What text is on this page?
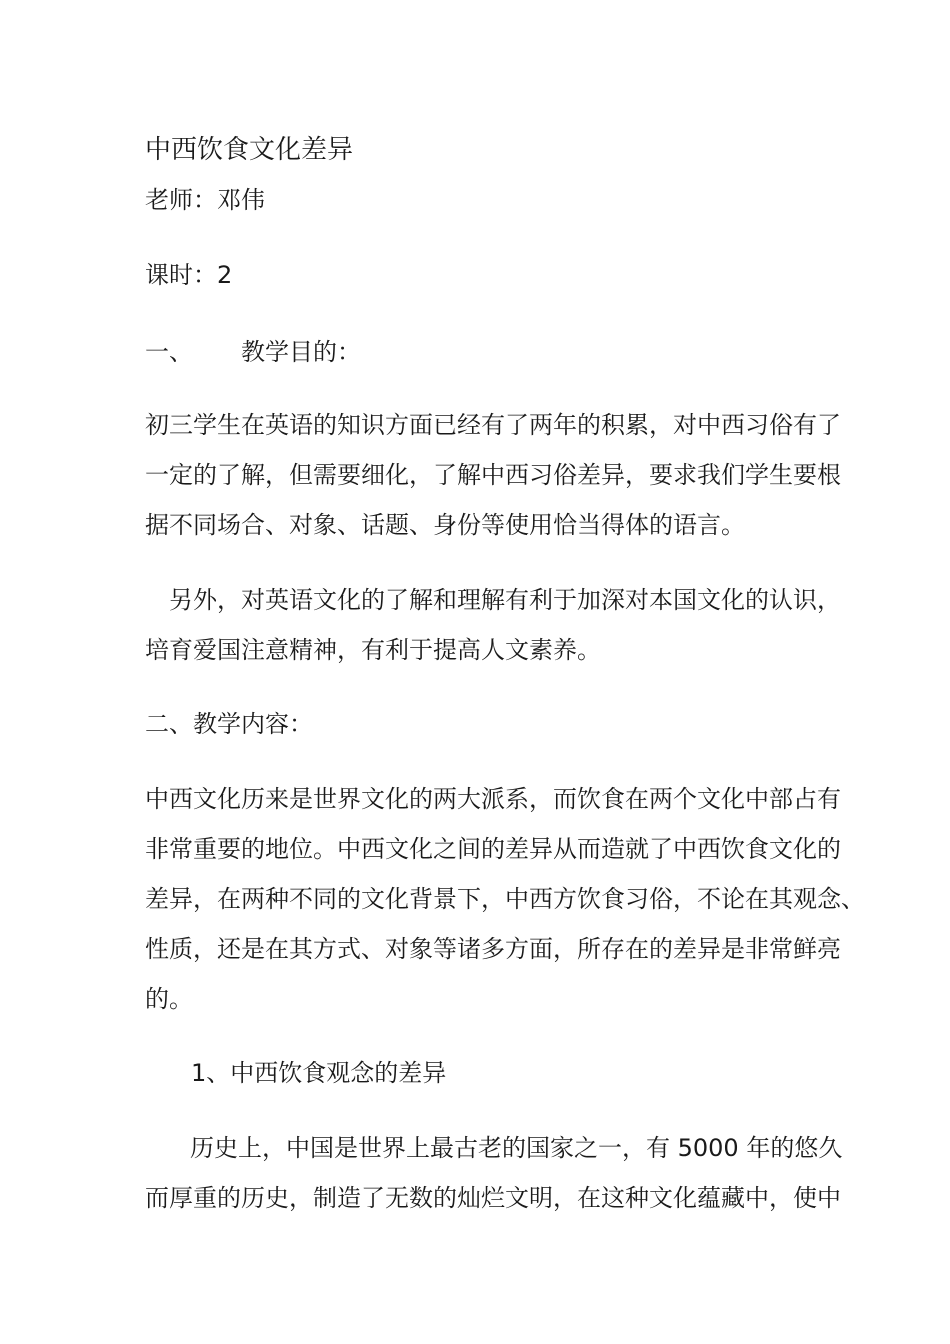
中西饮食文化差异
老师：邓伟
课时：2
一、 教学目的：
初三学生在英语的知识方面已经有了两年的积累，对中西习俗有了
一定的了解，但需要细化，了解中西习俗差异，要求我们学生要根
据不同场合、对象、话题、身份等使用恰当得体的语言。
另外，对英语文化的了解和理解有利于加深对本国文化的认识，
培育爱国注意精神，有利于提高人文素养。
二、教学内容：
中西文化历来是世界文化的两大派系，而饮食在两个文化中部占有
非常重要的地位。中西文化之间的差异从而造就了中西饮食文化的
差异，在两种不同的文化背景下，中西方饮食习俗，不论在其观念、
性质，还是在其方式、对象等诸多方面，所存在的差异是非常鲜亮
的。
1、中西饮食观念的差异
历史上，中国是世界上最古老的国家之一，有 5000 年的悠久
而厚重的历史，制造了无数的灿烂文明，在这种文化蕴藏中，使中
